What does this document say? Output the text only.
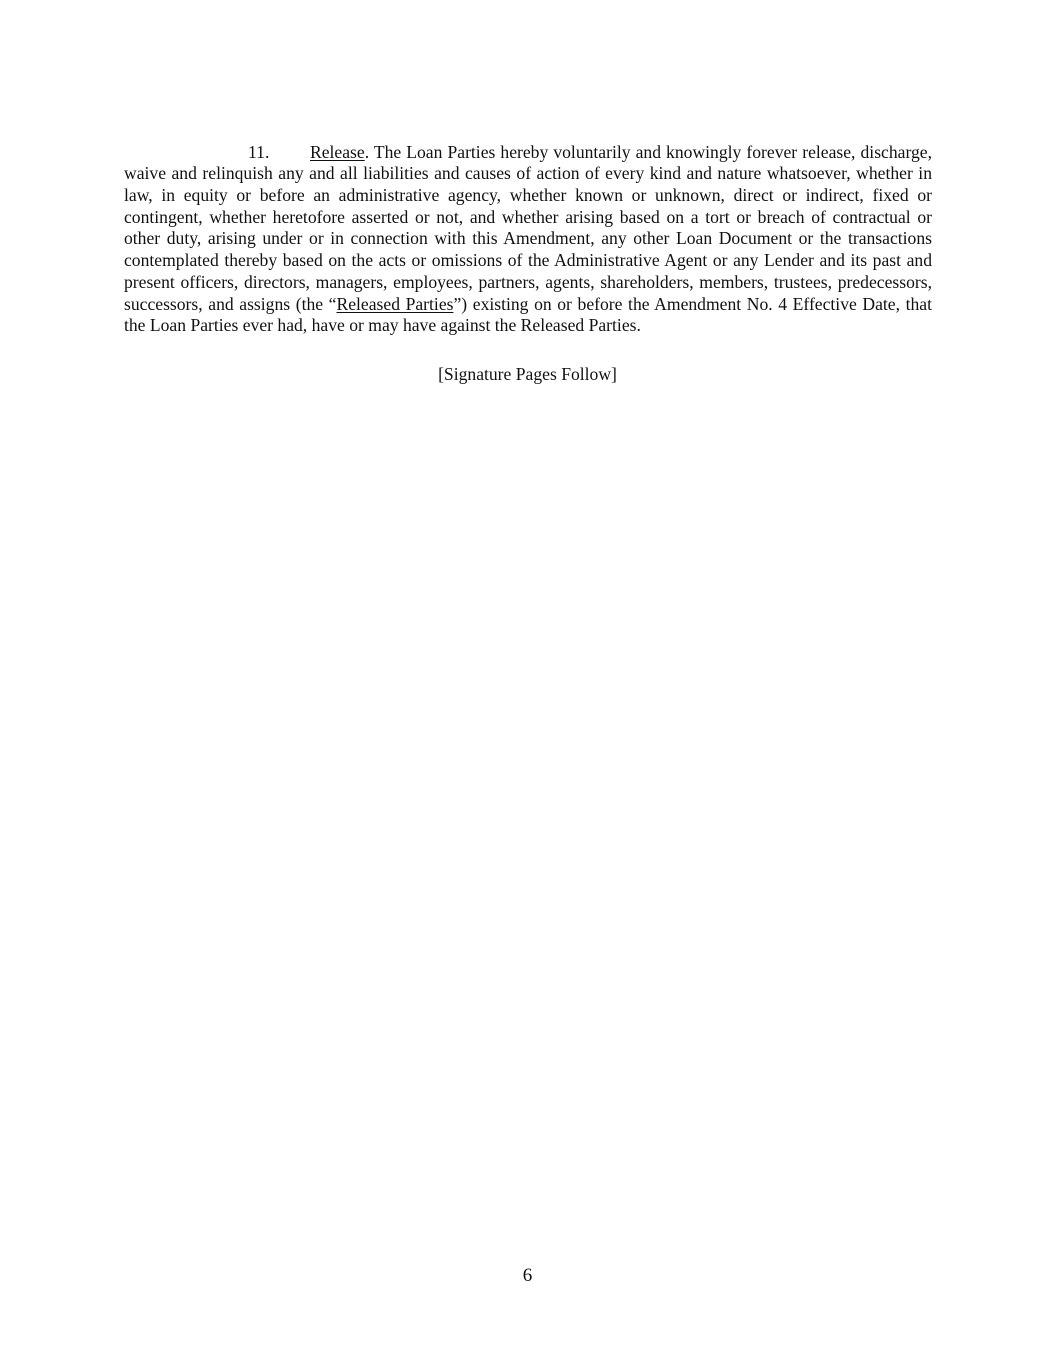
11. Release. The Loan Parties hereby voluntarily and knowingly forever release, discharge, waive and relinquish any and all liabilities and causes of action of every kind and nature whatsoever, whether in law, in equity or before an administrative agency, whether known or unknown, direct or indirect, fixed or contingent, whether heretofore asserted or not, and whether arising based on a tort or breach of contractual or other duty, arising under or in connection with this Amendment, any other Loan Document or the transactions contemplated thereby based on the acts or omissions of the Administrative Agent or any Lender and its past and present officers, directors, managers, employees, partners, agents, shareholders, members, trustees, predecessors, successors, and assigns (the “Released Parties”) existing on or before the Amendment No. 4 Effective Date, that the Loan Parties ever had, have or may have against the Released Parties.

[Signature Pages Follow]
6
